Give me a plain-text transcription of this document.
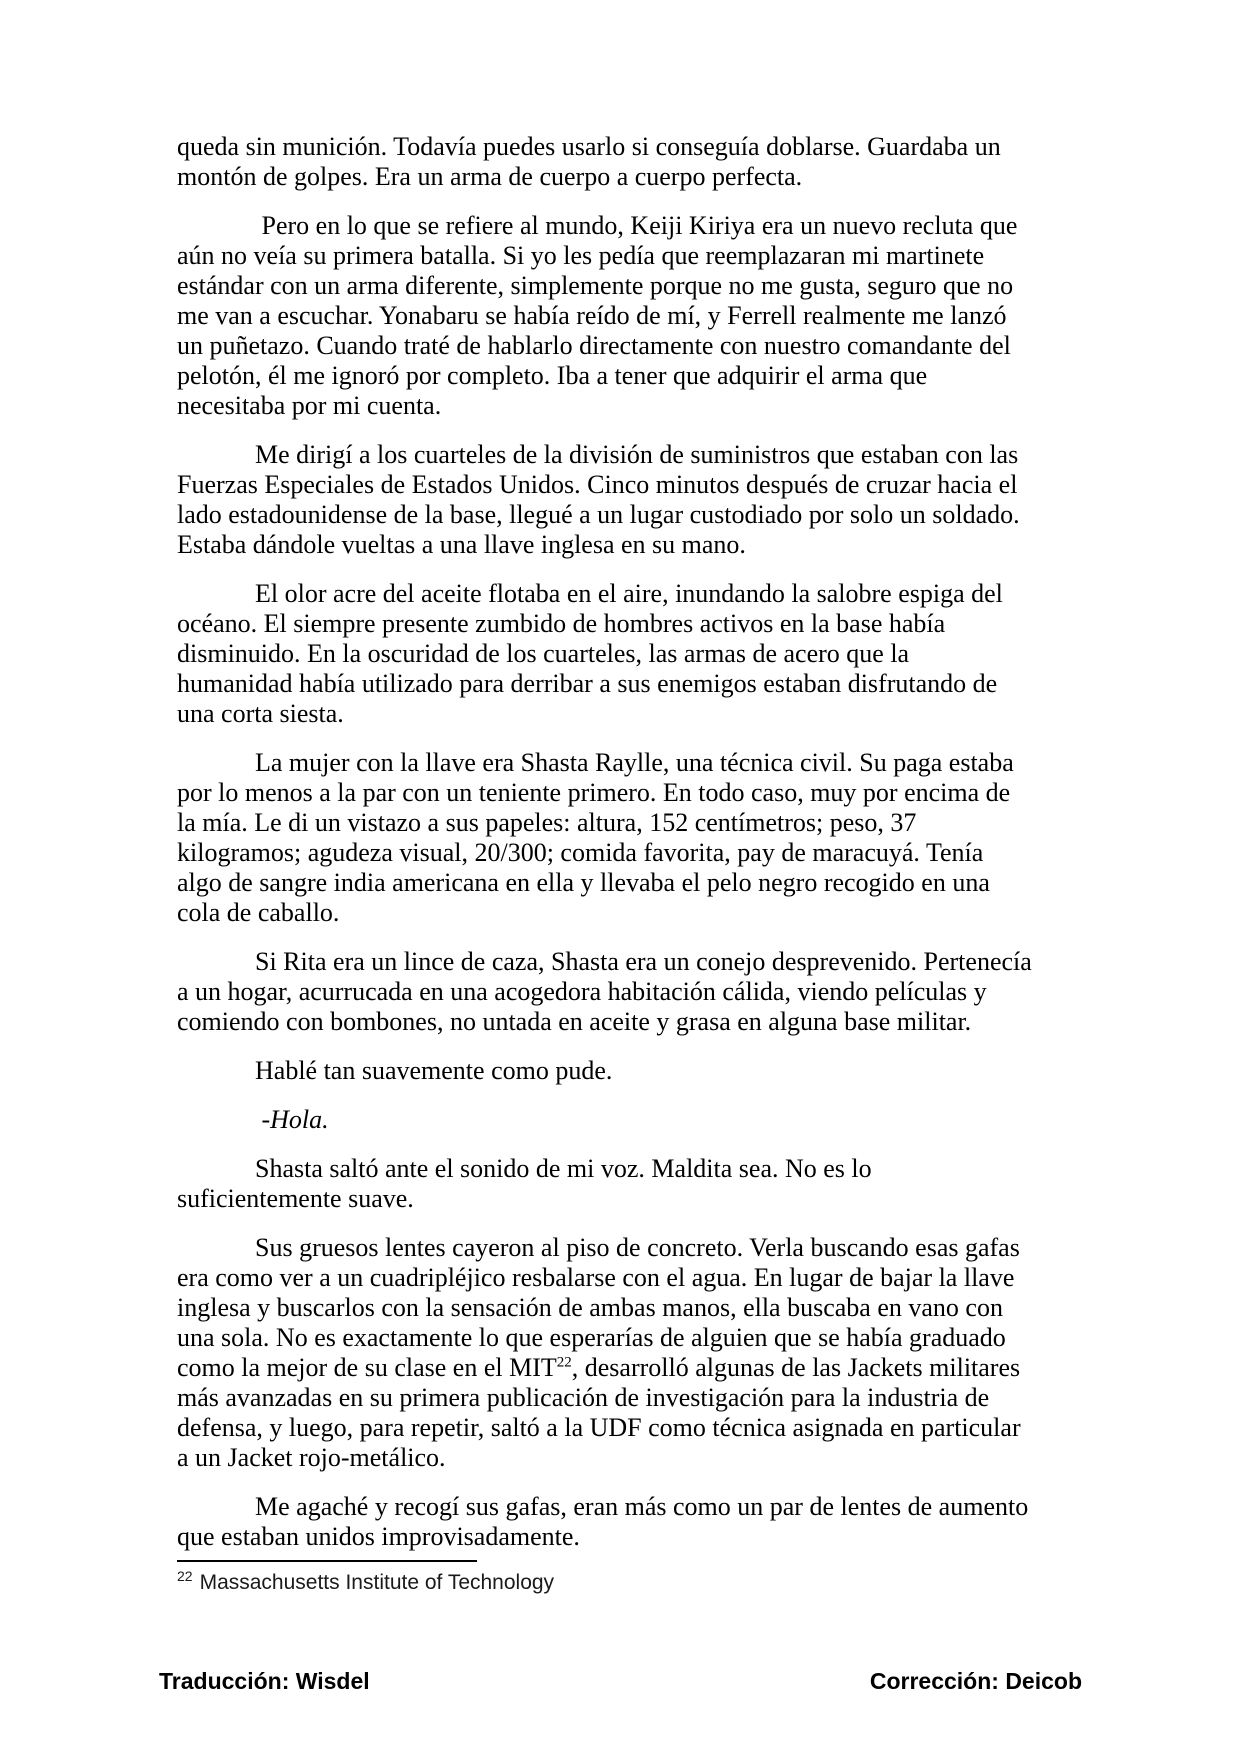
queda sin munición. Todavía puedes usarlo si conseguía doblarse. Guardaba un
montón de golpes. Era un arma de cuerpo a cuerpo perfecta.
Pero en lo que se refiere al mundo, Keiji Kiriya era un nuevo recluta que
aún no veía su primera batalla. Si yo les pedía que reemplazaran mi martinete
estándar con un arma diferente, simplemente porque no me gusta, seguro que no
me van a escuchar. Yonabaru se había reído de mí, y Ferrell realmente me lanzó
un puñetazo. Cuando traté de hablarlo directamente con nuestro comandante del
pelotón, él me ignoró por completo. Iba a tener que adquirir el arma que
necesitaba por mi cuenta.
Me dirigí a los cuarteles de la división de suministros que estaban con las
Fuerzas Especiales de Estados Unidos. Cinco minutos después de cruzar hacia el
lado estadounidense de la base, llegué a un lugar custodiado por solo un soldado.
Estaba dándole vueltas a una llave inglesa en su mano.
El olor acre del aceite flotaba en el aire, inundando la salobre espiga del
océano. El siempre presente zumbido de hombres activos en la base había
disminuido. En la oscuridad de los cuarteles, las armas de acero que la
humanidad había utilizado para derribar a sus enemigos estaban disfrutando de
una corta siesta.
La mujer con la llave era Shasta Raylle, una técnica civil. Su paga estaba
por lo menos a la par con un teniente primero. En todo caso, muy por encima de
la mía. Le di un vistazo a sus papeles: altura, 152 centímetros; peso, 37
kilogramos; agudeza visual, 20/300; comida favorita, pay de maracuyá. Tenía
algo de sangre india americana en ella y llevaba el pelo negro recogido en una
cola de caballo.
Si Rita era un lince de caza, Shasta era un conejo desprevenido. Pertenecía
a un hogar, acurrucada en una acogedora habitación cálida, viendo películas y
comiendo con bombones, no untada en aceite y grasa en alguna base militar.
Hablé tan suavemente como pude.
-Hola.
Shasta saltó ante el sonido de mi voz. Maldita sea. No es lo
suficientemente suave.
Sus gruesos lentes cayeron al piso de concreto. Verla buscando esas gafas
era como ver a un cuadripléjico resbalarse con el agua. En lugar de bajar la llave
inglesa y buscarlos con la sensación de ambas manos, ella buscaba en vano con
una sola. No es exactamente lo que esperarías de alguien que se había graduado
como la mejor de su clase en el MIT$^{22}$, desarrolló algunas de las Jackets militares
más avanzadas en su primera publicación de investigación para la industria de
defensa, y luego, para repetir, saltó a la UDF como técnica asignada en particular
a un Jacket rojo-metálico.
Me agaché y recogí sus gafas, eran más como un par de lentes de aumento
que estaban unidos improvisadamente.
$^{22}$ Massachusetts Institute of Technology
Traducción: Wisdel	Corrección: Deicob
